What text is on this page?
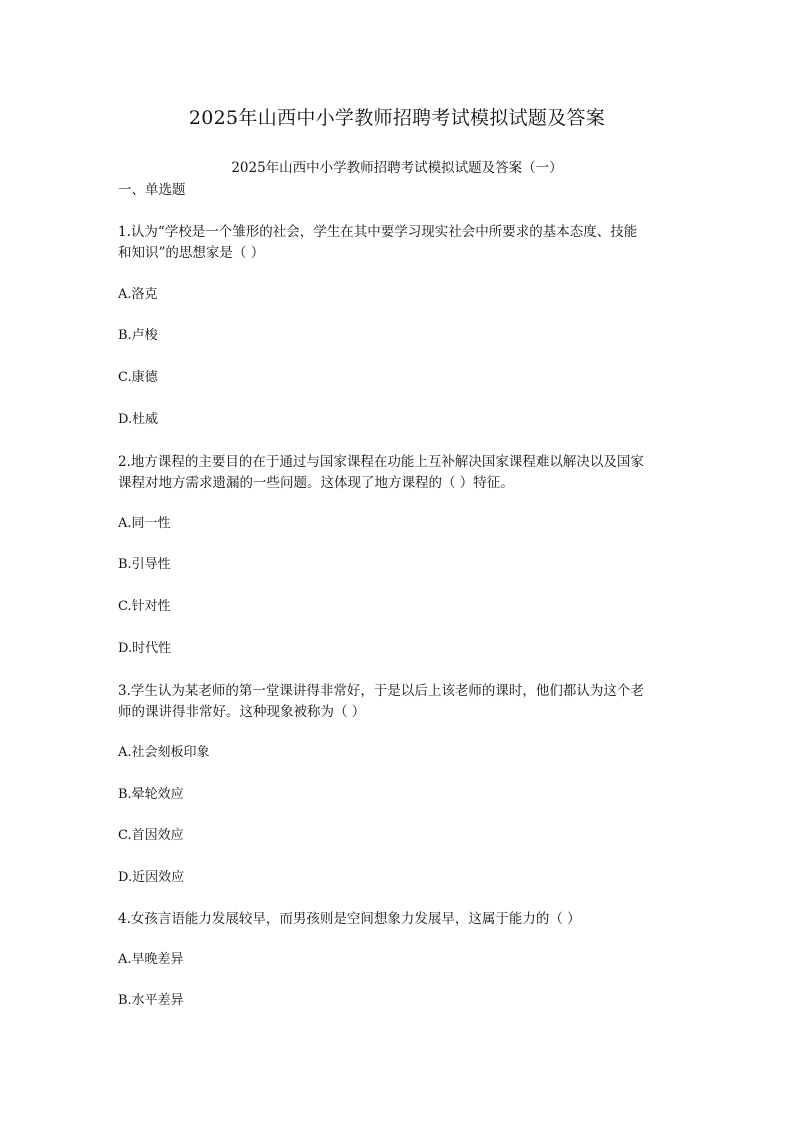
2025年山西中小学教师招聘考试模拟试题及答案
2025年山西中小学教师招聘考试模拟试题及答案（一）
一、单选题
1.认为“学校是一个雏形的社会，学生在其中要学习现实社会中所要求的基本态度、技能
和知识”的思想家是（ ）
A.洛克
B.卢梭
C.康德
D.杜威
2.地方课程的主要目的在于通过与国家课程在功能上互补解决国家课程难以解决以及国家
课程对地方需求遗漏的一些问题。这体现了地方课程的（ ）特征。
A.同一性
B.引导性
C.针对性
D.时代性
3.学生认为某老师的第一堂课讲得非常好，于是以后上该老师的课时，他们都认为这个老
师的课讲得非常好。这种现象被称为（ ）
A.社会刻板印象
B.晕轮效应
C.首因效应
D.近因效应
4.女孩言语能力发展较早，而男孩则是空间想象力发展早，这属于能力的（ ）
A.早晚差异
B.水平差异
